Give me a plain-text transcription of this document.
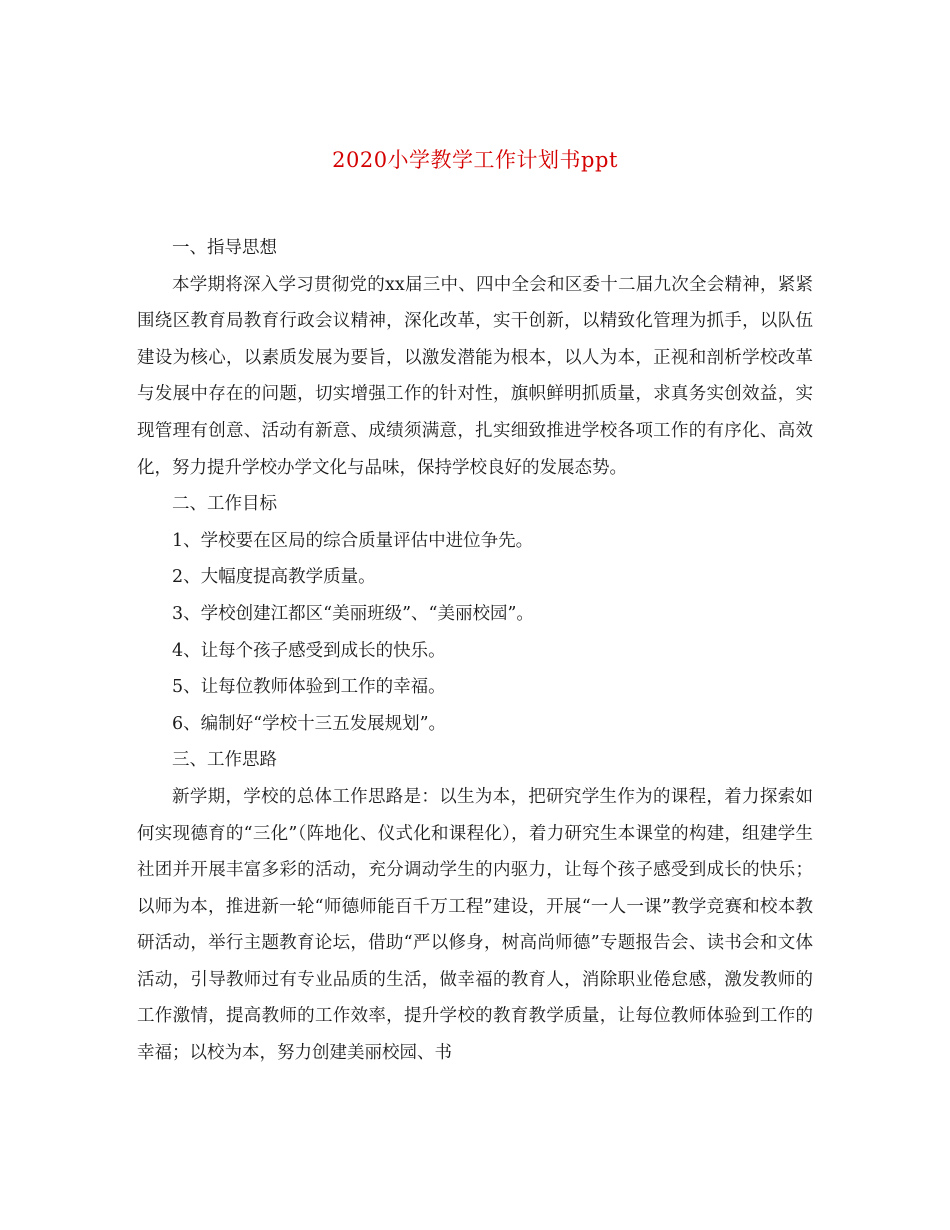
2020小学教学工作计划书ppt

一、指导思想

本学期将深入学习贯彻党的xx届三中、四中全会和区委十二届九次全会精神，紧紧围绕区教育局教育行政会议精神，深化改革，实干创新，以精致化管理为抓手，以队伍建设为核心，以素质发展为要旨，以激发潜能为根本，以人为本，正视和剖析学校改革与发展中存在的问题，切实增强工作的针对性，旗帜鲜明抓质量，求真务实创效益，实现管理有创意、活动有新意、成绩须满意，扎实细致推进学校各项工作的有序化、高效化，努力提升学校办学文化与品味，保持学校良好的发展态势。

二、工作目标

1、学校要在区局的综合质量评估中进位争先。

2、大幅度提高教学质量。

3、学校创建江都区“美丽班级”、“美丽校园”。

4、让每个孩子感受到成长的快乐。

5、让每位教师体验到工作的幸福。

6、编制好“学校十三五发展规划”。

三、工作思路

新学期，学校的总体工作思路是：以生为本，把研究学生作为的课程，着力探索如何实现德育的“三化”（阵地化、仪式化和课程化），着力研究生本课堂的构建，组建学生社团并开展丰富多彩的活动，充分调动学生的内驱力，让每个孩子感受到成长的快乐；以师为本，推进新一轮“师德师能百千万工程”建设，开展“一人一课”教学竞赛和校本教研活动，举行主题教育论坛，借助“严以修身，树高尚师德”专题报告会、读书会和文体活动，引导教师过有专业品质的生活，做幸福的教育人，消除职业倦怠感，激发教师的工作激情，提高教师的工作效率，提升学校的教育教学质量，让每位教师体验到工作的幸福；以校为本，努力创建美丽校园、书
